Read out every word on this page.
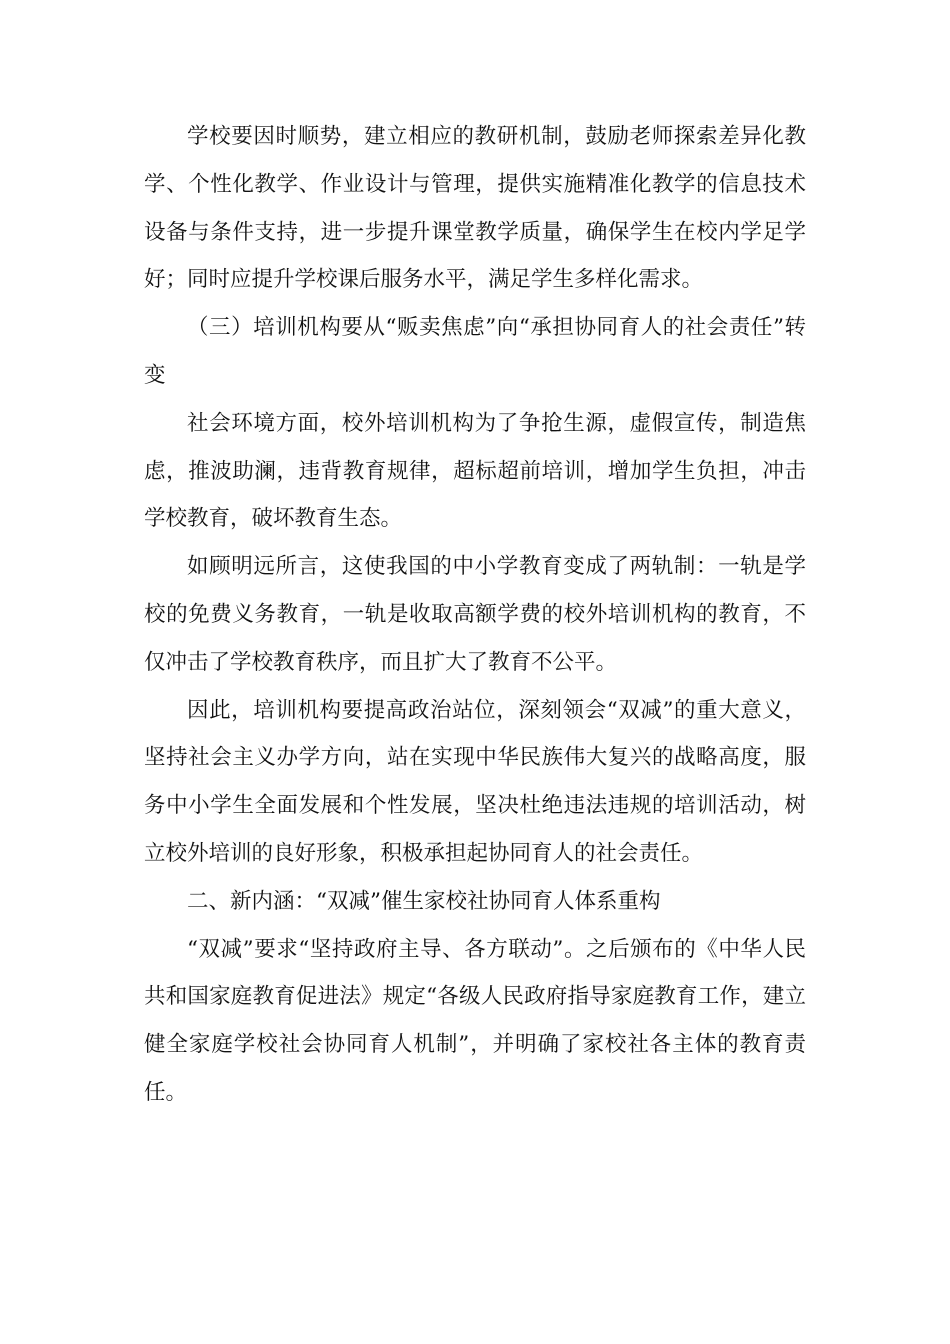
学校要因时顺势，建立相应的教研机制，鼓励老师探索差异化教学、个性化教学、作业设计与管理，提供实施精准化教学的信息技术设备与条件支持，进一步提升课堂教学质量，确保学生在校内学足学好；同时应提升学校课后服务水平，满足学生多样化需求。

（三）培训机构要从“贩卖焦虑”向“承担协同育人的社会责任”转变

社会环境方面，校外培训机构为了争抢生源，虚假宣传，制造焦虑，推波助澜，违背教育规律，超标超前培训，增加学生负担，冲击学校教育，破坏教育生态。

如顾明远所言，这使我国的中小学教育变成了两轨制：一轨是学校的免费义务教育，一轨是收取高额学费的校外培训机构的教育，不仅冲击了学校教育秩序，而且扩大了教育不公平。

因此，培训机构要提高政治站位，深刻领会“双减”的重大意义，坚持社会主义办学方向，站在实现中华民族伟大复兴的战略高度，服务中小学生全面发展和个性发展，坚决杜绝违法违规的培训活动，树立校外培训的良好形象，积极承担起协同育人的社会责任。

二、新内涵：“双减”催生家校社协同育人体系重构

“双减”要求“坚持政府主导、各方联动”。之后颁布的《中华人民共和国家庭教育促进法》规定“各级人民政府指导家庭教育工作，建立健全家庭学校社会协同育人机制”，并明确了家校社各主体的教育责任。
